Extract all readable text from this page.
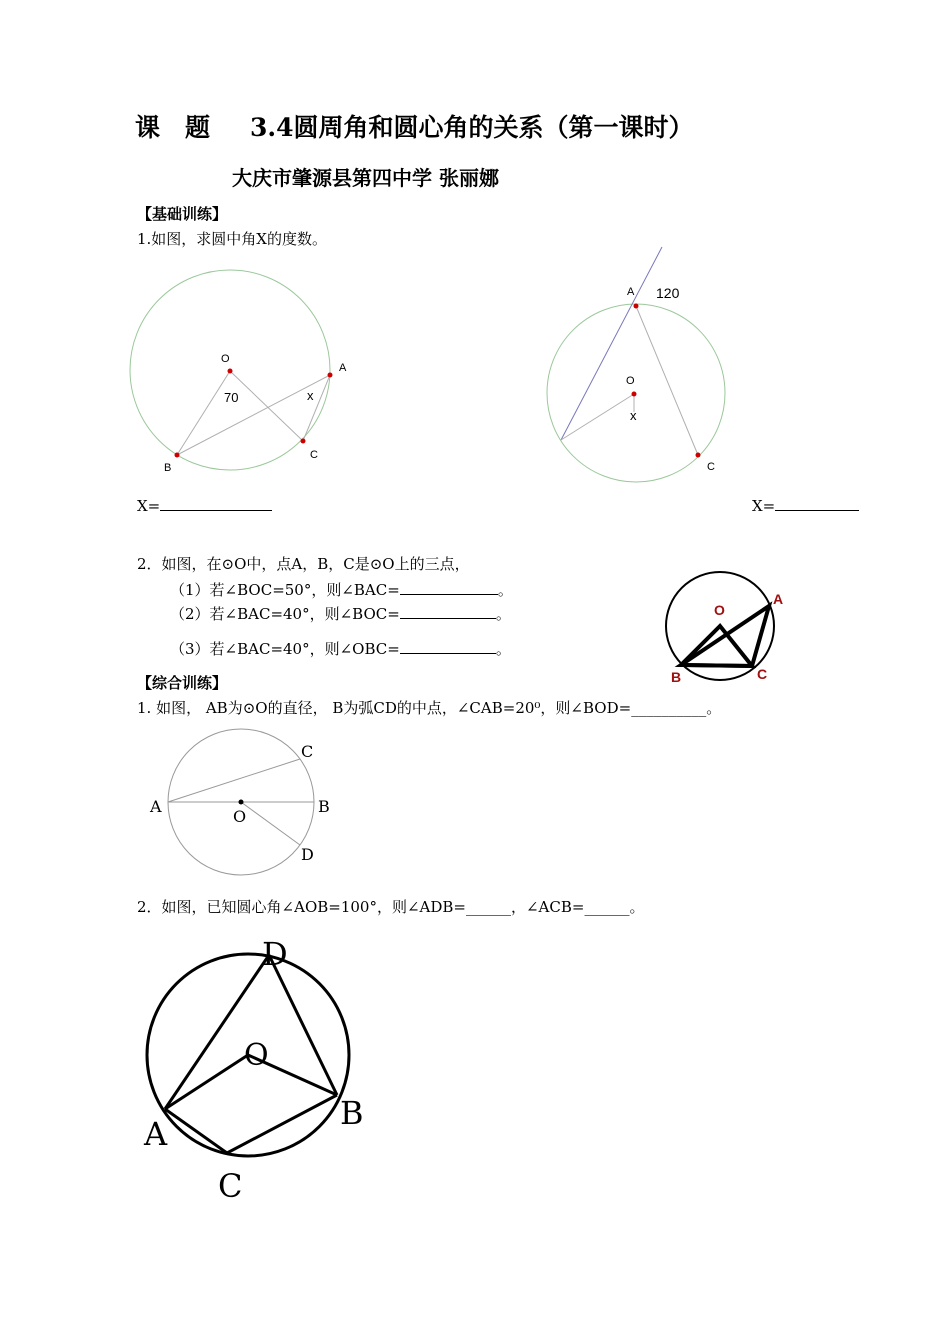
课　题 3.4圆周角和圆心角的关系（第一课时）
大庆市肇源县第四中学 张丽娜
【基础训练】
1.如图，求圆中角X的度数。
O
A
B
C
70	x
A 120
O
x
C
X=	X=
2．如图，在⊙O中，点A，B，C是⊙O上的三点，
（1）若∠BOC=50°，则∠BAC=	。
（2）若∠BAC=40°，则∠BOC=	。
（3）若∠BAC=40°，则∠OBC=	。
O
A
B	C
【综合训练】
1. 如图， AB为⊙O的直径， B为弧CD的中点，∠CAB=20⁰，则∠BOD=__________。
A	B
C
D
O
2．如图，已知圆心角∠AOB=100°，则∠ADB=______，∠ACB=______。
D
O
B
A
C
